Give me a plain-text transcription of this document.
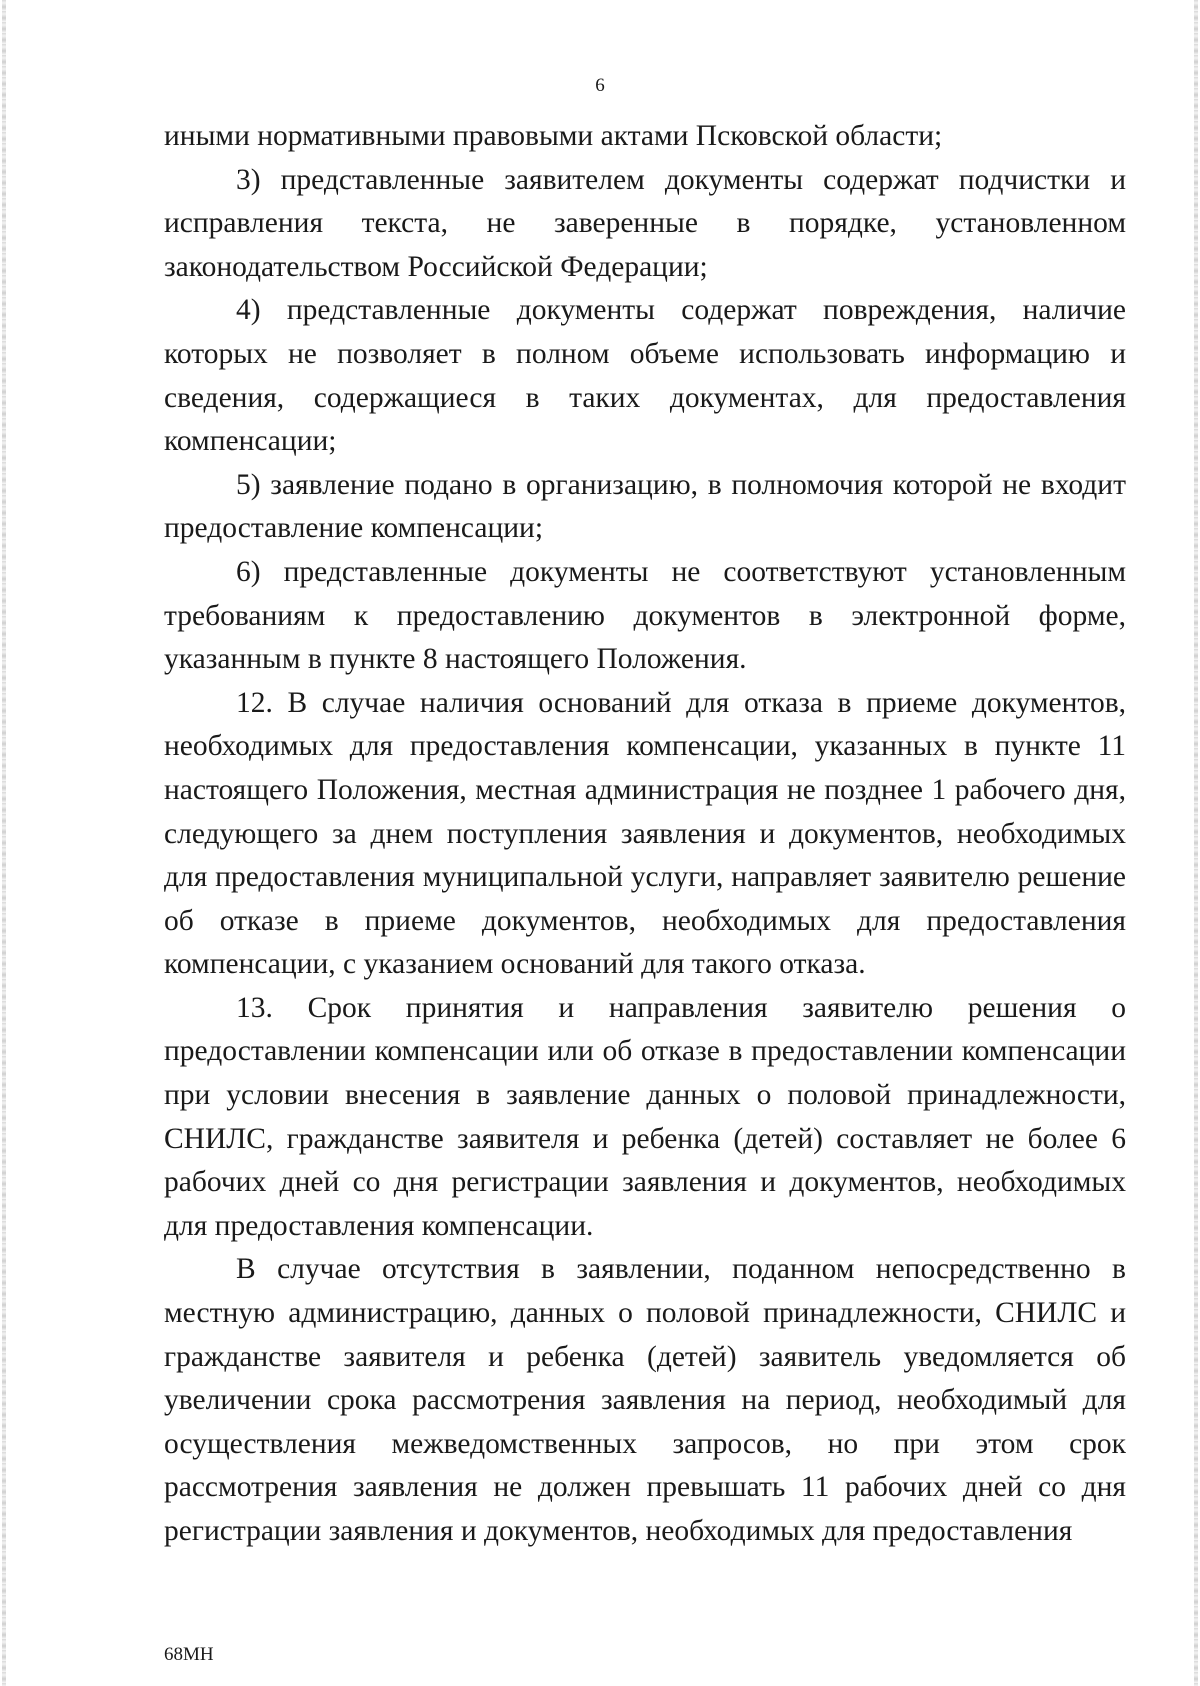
6

иными нормативными правовыми актами Псковской области;

3) представленные заявителем документы содержат подчистки и исправления текста, не заверенные в порядке, установленном законодательством Российской Федерации;

4) представленные документы содержат повреждения, наличие которых не позволяет в полном объеме использовать информацию и сведения, содержащиеся в таких документах, для предоставления компенсации;

5) заявление подано в организацию, в полномочия которой не входит предоставление компенсации;

6) представленные документы не соответствуют установленным требованиям к предоставлению документов в электронной форме, указанным в пункте 8 настоящего Положения.

12. В случае наличия оснований для отказа в приеме документов, необходимых для предоставления компенсации, указанных в пункте 11 настоящего Положения, местная администрация не позднее 1 рабочего дня, следующего за днем поступления заявления и документов, необходимых для предоставления муниципальной услуги, направляет заявителю решение об отказе в приеме документов, необходимых для предоставления компенсации, с указанием оснований для такого отказа.

13. Срок принятия и направления заявителю решения о предоставлении компенсации или об отказе в предоставлении компенсации при условии внесения в заявление данных о половой принадлежности, СНИЛС, гражданстве заявителя и ребенка (детей) составляет не более 6 рабочих дней со дня регистрации заявления и документов, необходимых для предоставления компенсации.

В случае отсутствия в заявлении, поданном непосредственно в местную администрацию, данных о половой принадлежности, СНИЛС и гражданстве заявителя и ребенка (детей) заявитель уведомляется об увеличении срока рассмотрения заявления на период, необходимый для осуществления межведомственных запросов, но при этом срок рассмотрения заявления не должен превышать 11 рабочих дней со дня регистрации заявления и документов, необходимых для предоставления

68МН
